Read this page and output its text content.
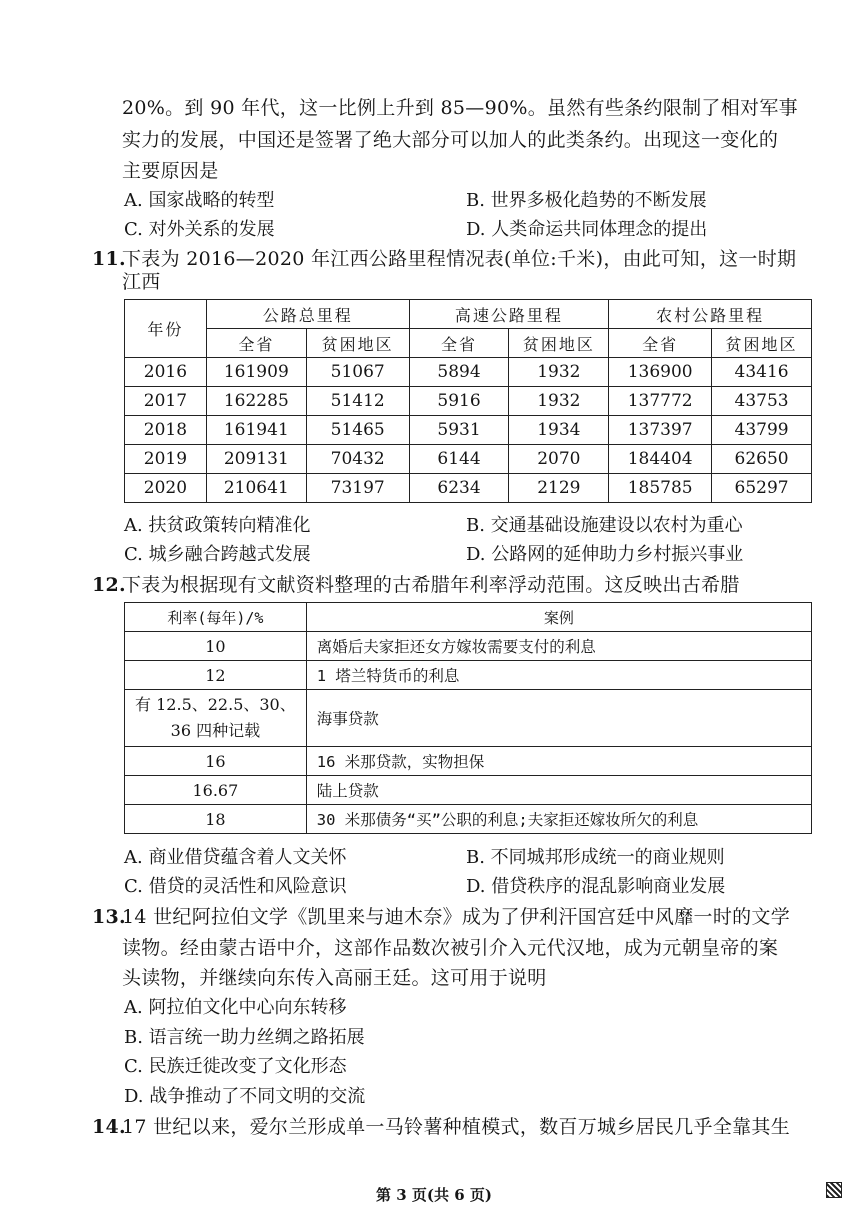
20%。到 90 年代，这一比例上升到 85—90%。虽然有些条约限制了相对军事
实力的发展，中国还是签署了绝大部分可以加人的此类条约。出现这一变化的
主要原因是
A. 国家战略的转型	B. 世界多极化趋势的不断发展
C. 对外关系的发展	D. 人类命运共同体理念的提出
11.
下表为 2016—2020 年江西公路里程情况表(单位:千米)，由此可知，这一时期
江西
年份	公路总里程		高速公路里程		农村公路里程	
	全省	贫困地区	全省	贫困地区	全省	贫困地区
2016	161909	51067	5894	1932	136900	43416
2017	162285	51412	5916	1932	137772	43753
2018	161941	51465	5931	1934	137397	43799
2019	209131	70432	6144	2070	184404	62650
2020	210641	73197	6234	2129	185785	65297
A. 扶贫政策转向精准化	B. 交通基础设施建设以农村为重心
C. 城乡融合跨越式发展	D. 公路网的延伸助力乡村振兴事业
12.
下表为根据现有文献资料整理的古希腊年利率浮动范围。这反映出古希腊
利率(每年)/%	案例
10	离婚后夫家拒还女方嫁妆需要支付的利息
12	1 塔兰特货币的利息

有 12.5、22.5、30、
36 四种记载	海事贷款
16	16 米那贷款，实物担保
16.67	陆上贷款
18	30 米那债务“买”公职的利息;夫家拒还嫁妆所欠的利息
A. 商业借贷蕴含着人文关怀	B. 不同城邦形成统一的商业规则
C. 借贷的灵活性和风险意识	D. 借贷秩序的混乱影响商业发展
13.
14 世纪阿拉伯文学《凯里来与迪木奈》成为了伊利汗国宫廷中风靡一时的文学
读物。经由蒙古语中介，这部作品数次被引介入元代汉地，成为元朝皇帝的案
头读物，并继续向东传入高丽王廷。这可用于说明
A. 阿拉伯文化中心向东转移
B. 语言统一助力丝绸之路拓展
C. 民族迁徙改变了文化形态
D. 战争推动了不同文明的交流
14.
17 世纪以来，爱尔兰形成单一马铃薯种植模式，数百万城乡居民几乎全靠其生
第 3 页(共 6 页)
